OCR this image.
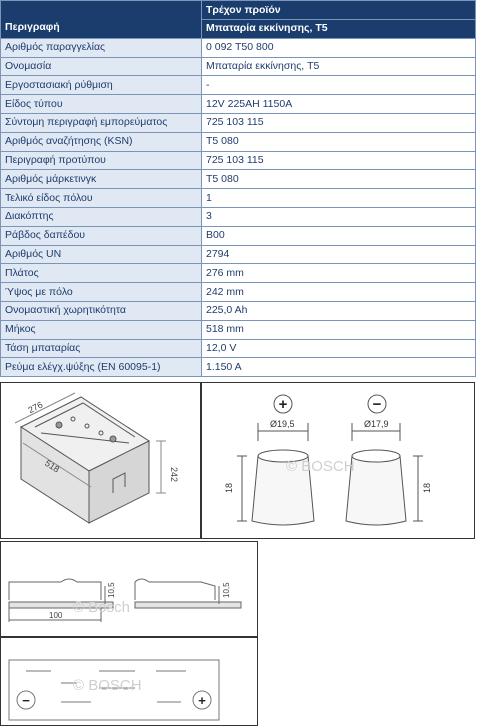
Περιγραφή	Τρέχον προϊόν
	Μπαταρία εκκίνησης, T5
Αριθμός παραγγελίας	0 092 T50 800
Ονομασία	Μπαταρία εκκίνησης, T5
Εργοστασιακή ρύθμιση	-
Είδος τύπου	12V 225AH 1150A
Σύντομη περιγραφή εμπορεύματος	725 103 115
Αριθμός αναζήτησης (KSN)	T5 080
Περιγραφή προτύπου	725 103 115
Αριθμός μάρκετινγκ	T5 080
Τελικό είδος πόλου	1
Διακόπτης	3
Ράβδος δαπέδου	B00
Αριθμός UN	2794
Πλάτος	276 mm
Ύψος με πόλο	242 mm
Ονομαστική χωρητικότητα	225,0 Ah
Μήκος	518 mm
Τάση μπαταρίας	12,0 V
Ρεύμα ελέγχ.ψύξης (EN 60095-1)	1.150 A
276
518
242
+	−
Ø19,5	Ø17,9
18	18
© BOSCH
10,5	10,5
100 © Bosch
−	+
© BOSCH
